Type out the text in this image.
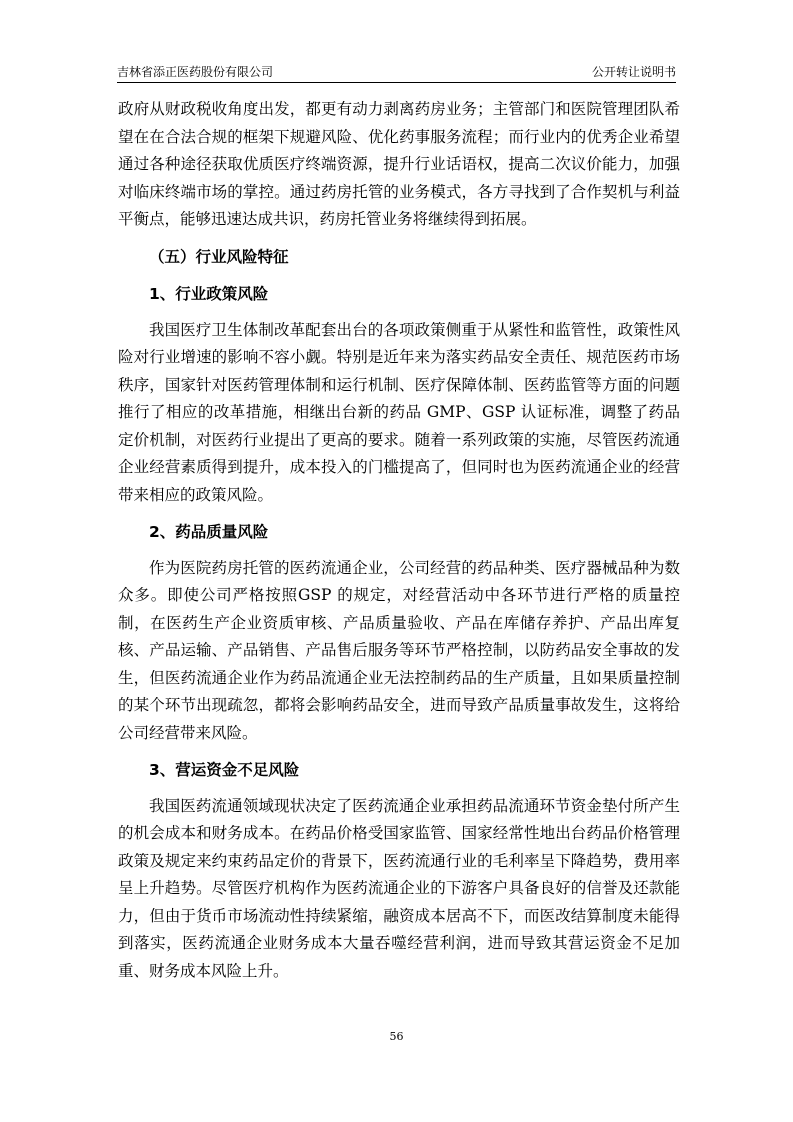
吉林省添正医药股份有限公司	公开转让说明书

政府从财政税收角度出发，都更有动力剥离药房业务；主管部门和医院管理团队希望在在合法合规的框架下规避风险、优化药事服务流程；而行业内的优秀企业希望通过各种途径获取优质医疗终端资源，提升行业话语权，提高二次议价能力，加强对临床终端市场的掌控。通过药房托管的业务模式，各方寻找到了合作契机与利益平衡点，能够迅速达成共识，药房托管业务将继续得到拓展。

（五）行业风险特征
1、行业政策风险

我国医疗卫生体制改革配套出台的各项政策侧重于从紧性和监管性，政策性风险对行业增速的影响不容小觑。特别是近年来为落实药品安全责任、规范医药市场秩序，国家针对医药管理体制和运行机制、医疗保障体制、医药监管等方面的问题推行了相应的改革措施，相继出台新的药品 GMP、GSP 认证标准，调整了药品定价机制，对医药行业提出了更高的要求。随着一系列政策的实施，尽管医药流通企业经营素质得到提升，成本投入的门槛提高了，但同时也为医药流通企业的经营带来相应的政策风险。

2、药品质量风险

作为医院药房托管的医药流通企业，公司经营的药品种类、医疗器械品种为数众多。即使公司严格按照GSP 的规定，对经营活动中各环节进行严格的质量控制，在医药生产企业资质审核、产品质量验收、产品在库储存养护、产品出库复核、产品运输、产品销售、产品售后服务等环节严格控制，以防药品安全事故的发生，但医药流通企业作为药品流通企业无法控制药品的生产质量，且如果质量控制的某个环节出现疏忽，都将会影响药品安全，进而导致产品质量事故发生，这将给公司经营带来风险。

3、营运资金不足风险

我国医药流通领域现状决定了医药流通企业承担药品流通环节资金垫付所产生的机会成本和财务成本。在药品价格受国家监管、国家经常性地出台药品价格管理政策及规定来约束药品定价的背景下，医药流通行业的毛利率呈下降趋势，费用率呈上升趋势。尽管医疗机构作为医药流通企业的下游客户具备良好的信誉及还款能力，但由于货币市场流动性持续紧缩，融资成本居高不下，而医改结算制度未能得到落实，医药流通企业财务成本大量吞噬经营利润，进而导致其营运资金不足加重、财务成本风险上升。

56
